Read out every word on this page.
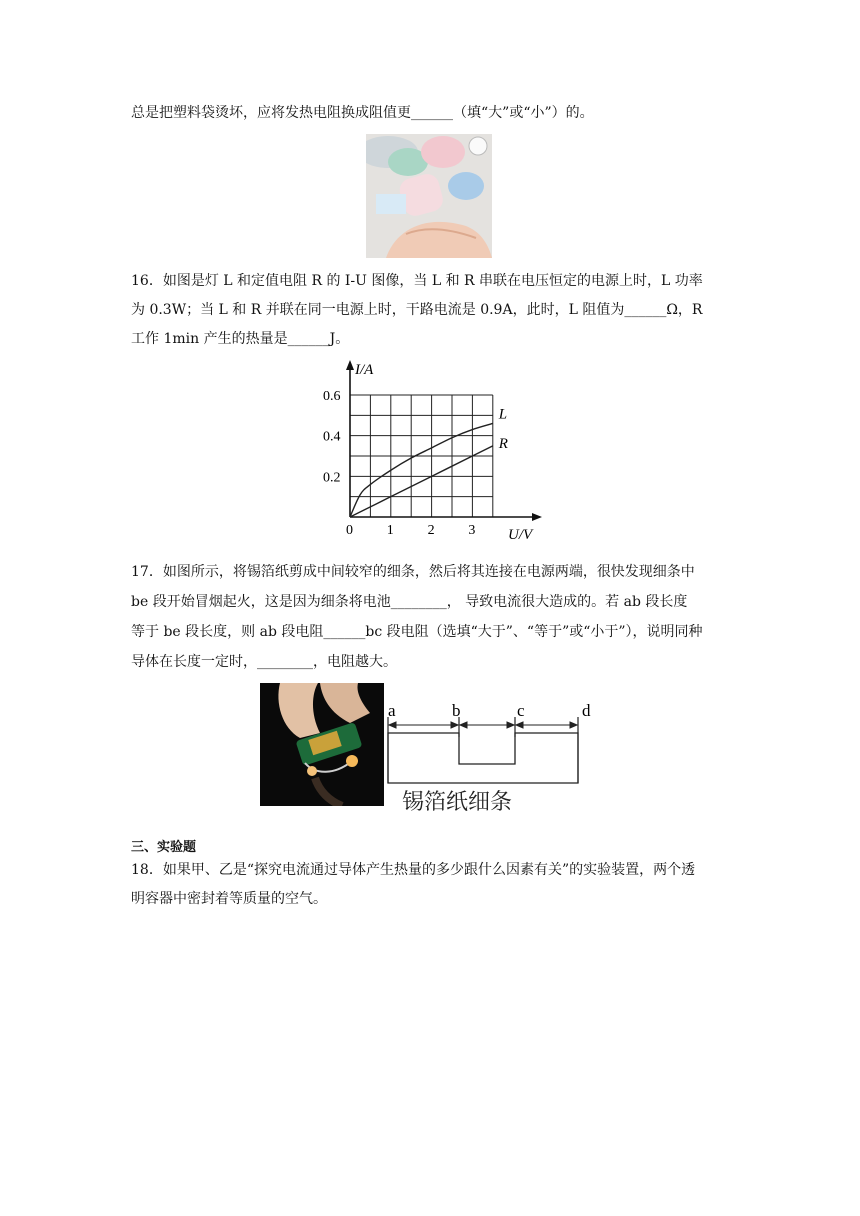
总是把塑料袋烫坏，应将发热电阻换成阻值更______（填“大”或“小”）的。
16．如图是灯 L 和定值电阻 R 的 I-U 图像，当 L 和 R 串联在电压恒定的电源上时，L 功率
为 0.3W；当 L 和 R 并联在同一电源上时，干路电流是 0.9A，此时，L 阻值为______Ω，R
工作 1min 产生的热量是______J。
L
R
0 1 2 3
0.2
0.4
0.6
I/A
U/V
17．如图所示，将锡箔纸剪成中间较窄的细条，然后将其连接在电源两端，很快发现细条中
be 段开始冒烟起火，这是因为细条将电池________， 导致电流很大造成的。若 ab 段长度
等于 be 段长度，则 ab 段电阻______bc 段电阻（选填“大于”、“等于”或“小于”），说明同种
导体在长度一定时，________，电阻越大。
a	b	c	d
锡箔纸细条
三、实验题
18．如果甲、乙是“探究电流通过导体产生热量的多少跟什么因素有关”的实验装置，两个透
明容器中密封着等质量的空气。
